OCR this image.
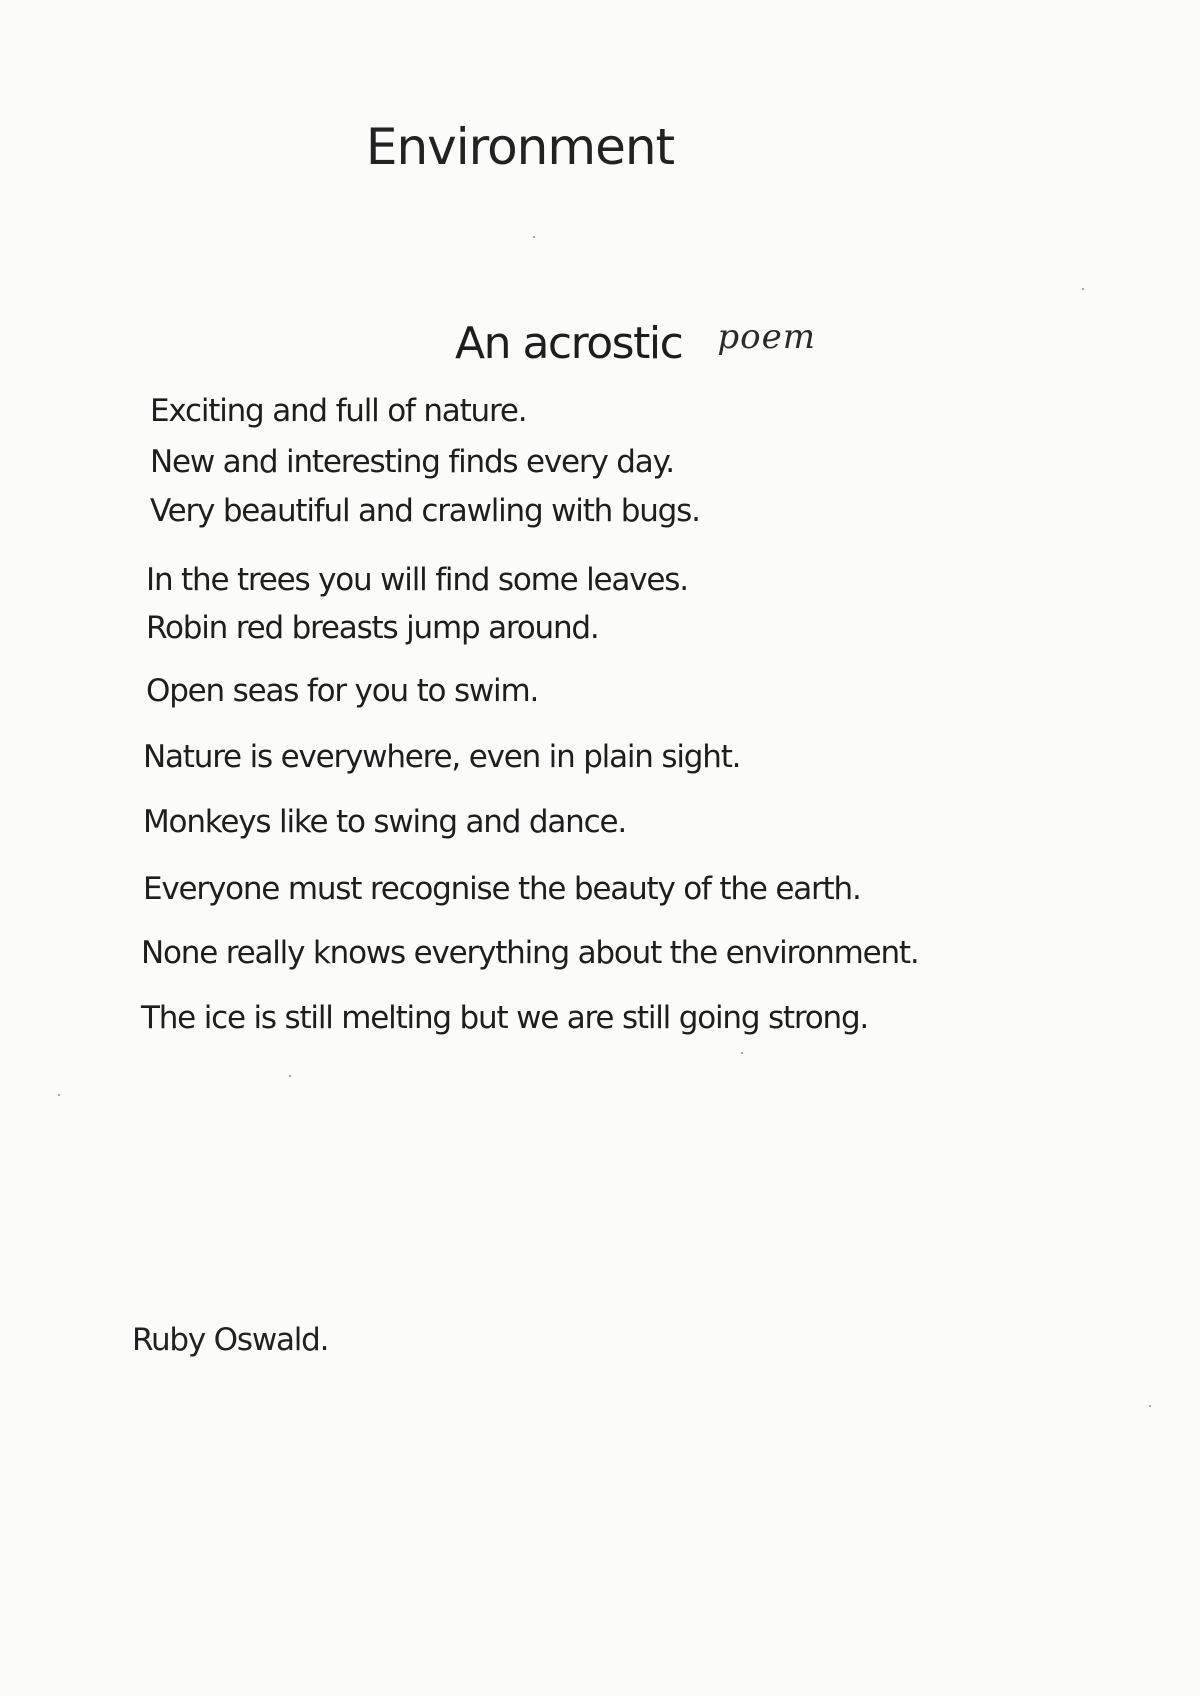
Environment
An acrostic poem
Exciting and full of nature.
New and interesting finds every day.
Very beautiful and crawling with bugs.
In the trees you will find some leaves.
Robin red breasts jump around.
Open seas for you to swim.
Nature is everywhere, even in plain sight.
Monkeys like to swing and dance.
Everyone must recognise the beauty of the earth.
None really knows everything about the environment.
The ice is still melting but we are still going strong.
Ruby Oswald.
